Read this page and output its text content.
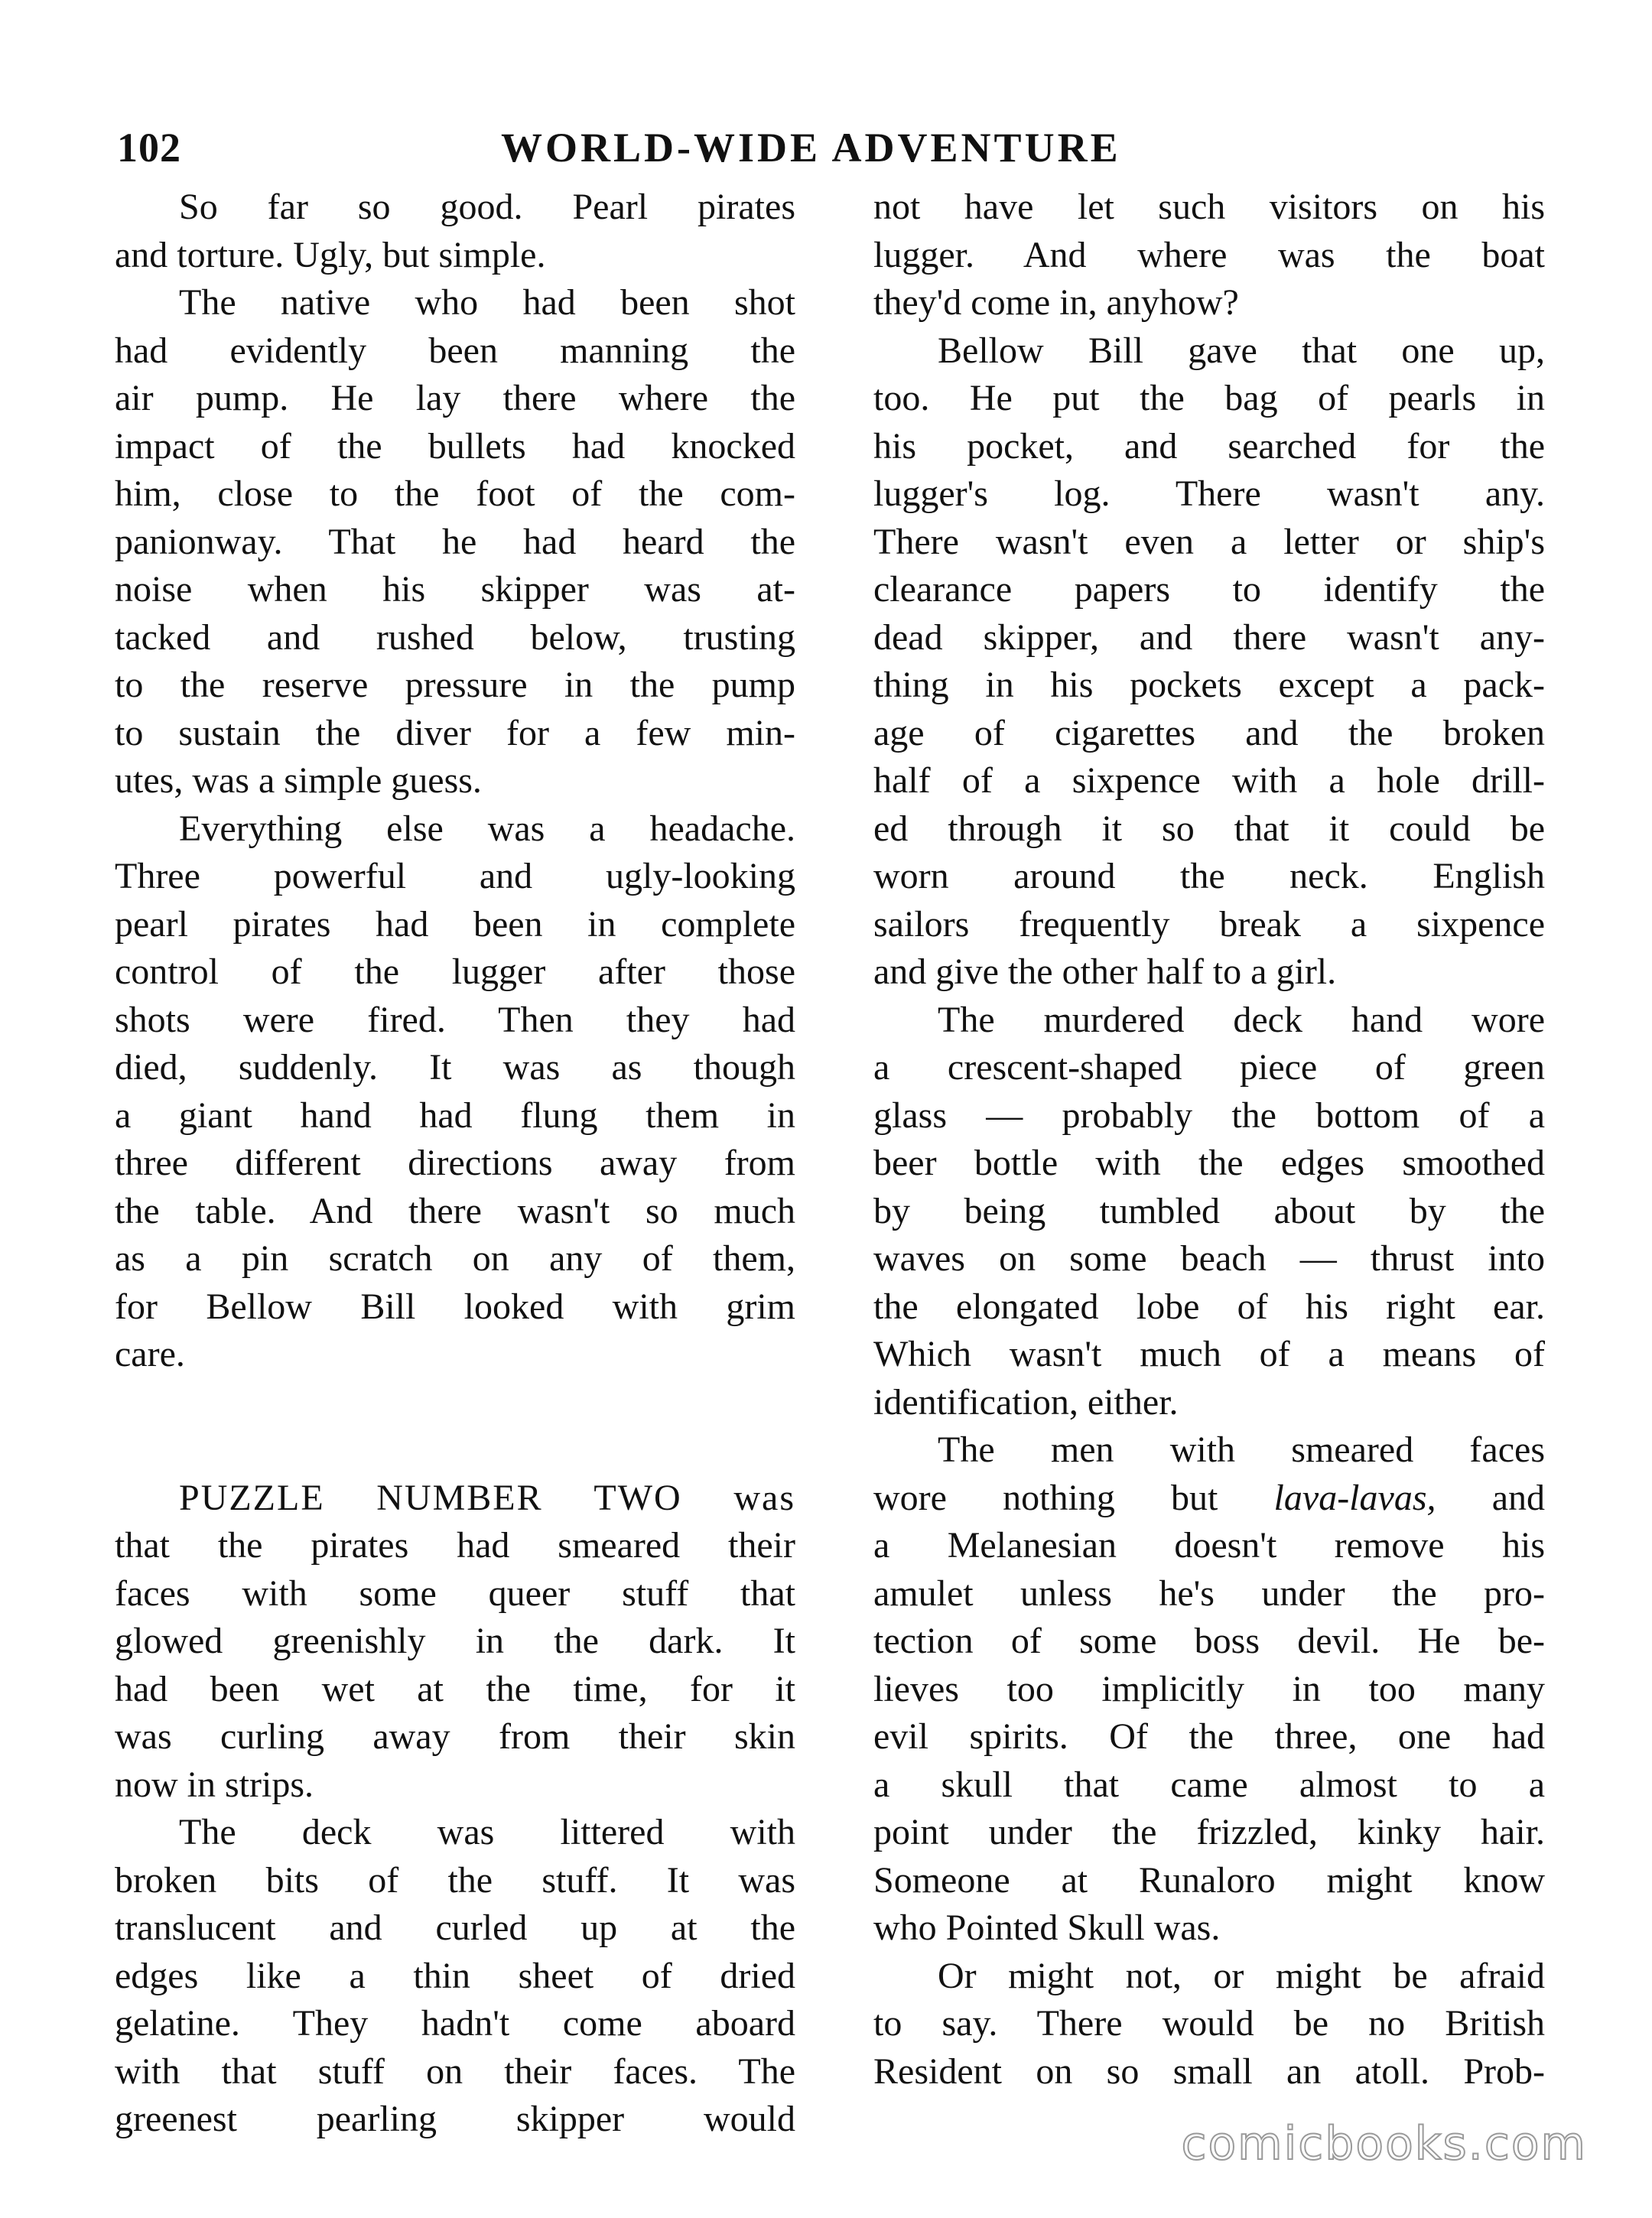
102	WORLD-WIDE ADVENTURE
So far so good. Pearl pirates
and torture. Ugly, but simple.
The native who had been shot
had evidently been manning the
air pump. He lay there where the
impact of the bullets had knocked
him, close to the foot of the com-
panionway. That he had heard the
noise when his skipper was at-
tacked and rushed below, trusting
to the reserve pressure in the pump
to sustain the diver for a few min-
utes, was a simple guess.
Everything else was a headache.
Three powerful and ugly-looking
pearl pirates had been in complete
control of the lugger after those
shots were fired. Then they had
died, suddenly. It was as though
a giant hand had flung them in
three different directions away from
the table. And there wasn't so much
as a pin scratch on any of them,
for Bellow Bill looked with grim
care.
PUZZLE NUMBER TWO was
that the pirates had smeared their
faces with some queer stuff that
glowed greenishly in the dark. It
had been wet at the time, for it
was curling away from their skin
now in strips.
The deck was littered with
broken bits of the stuff. It was
translucent and curled up at the
edges like a thin sheet of dried
gelatine. They hadn't come aboard
with that stuff on their faces. The
greenest pearling skipper would
not have let such visitors on his
lugger. And where was the boat
they'd come in, anyhow?
Bellow Bill gave that one up,
too. He put the bag of pearls in
his pocket, and searched for the
lugger's log. There wasn't any.
There wasn't even a letter or ship's
clearance papers to identify the
dead skipper, and there wasn't any-
thing in his pockets except a pack-
age of cigarettes and the broken
half of a sixpence with a hole drill-
ed through it so that it could be
worn around the neck. English
sailors frequently break a sixpence
and give the other half to a girl.
The murdered deck hand wore
a crescent-shaped piece of green
glass — probably the bottom of a
beer bottle with the edges smoothed
by being tumbled about by the
waves on some beach — thrust into
the elongated lobe of his right ear.
Which wasn't much of a means of
identification, either.
The men with smeared faces
wore nothing but lava-lavas, and
a Melanesian doesn't remove his
amulet unless he's under the pro-
tection of some boss devil. He be-
lieves too implicitly in too many
evil spirits. Of the three, one had
a skull that came almost to a
point under the frizzled, kinky hair.
Someone at Runaloro might know
who Pointed Skull was.
Or might not, or might be afraid
to say. There would be no British
Resident on so small an atoll. Prob-
comicbooks.com
